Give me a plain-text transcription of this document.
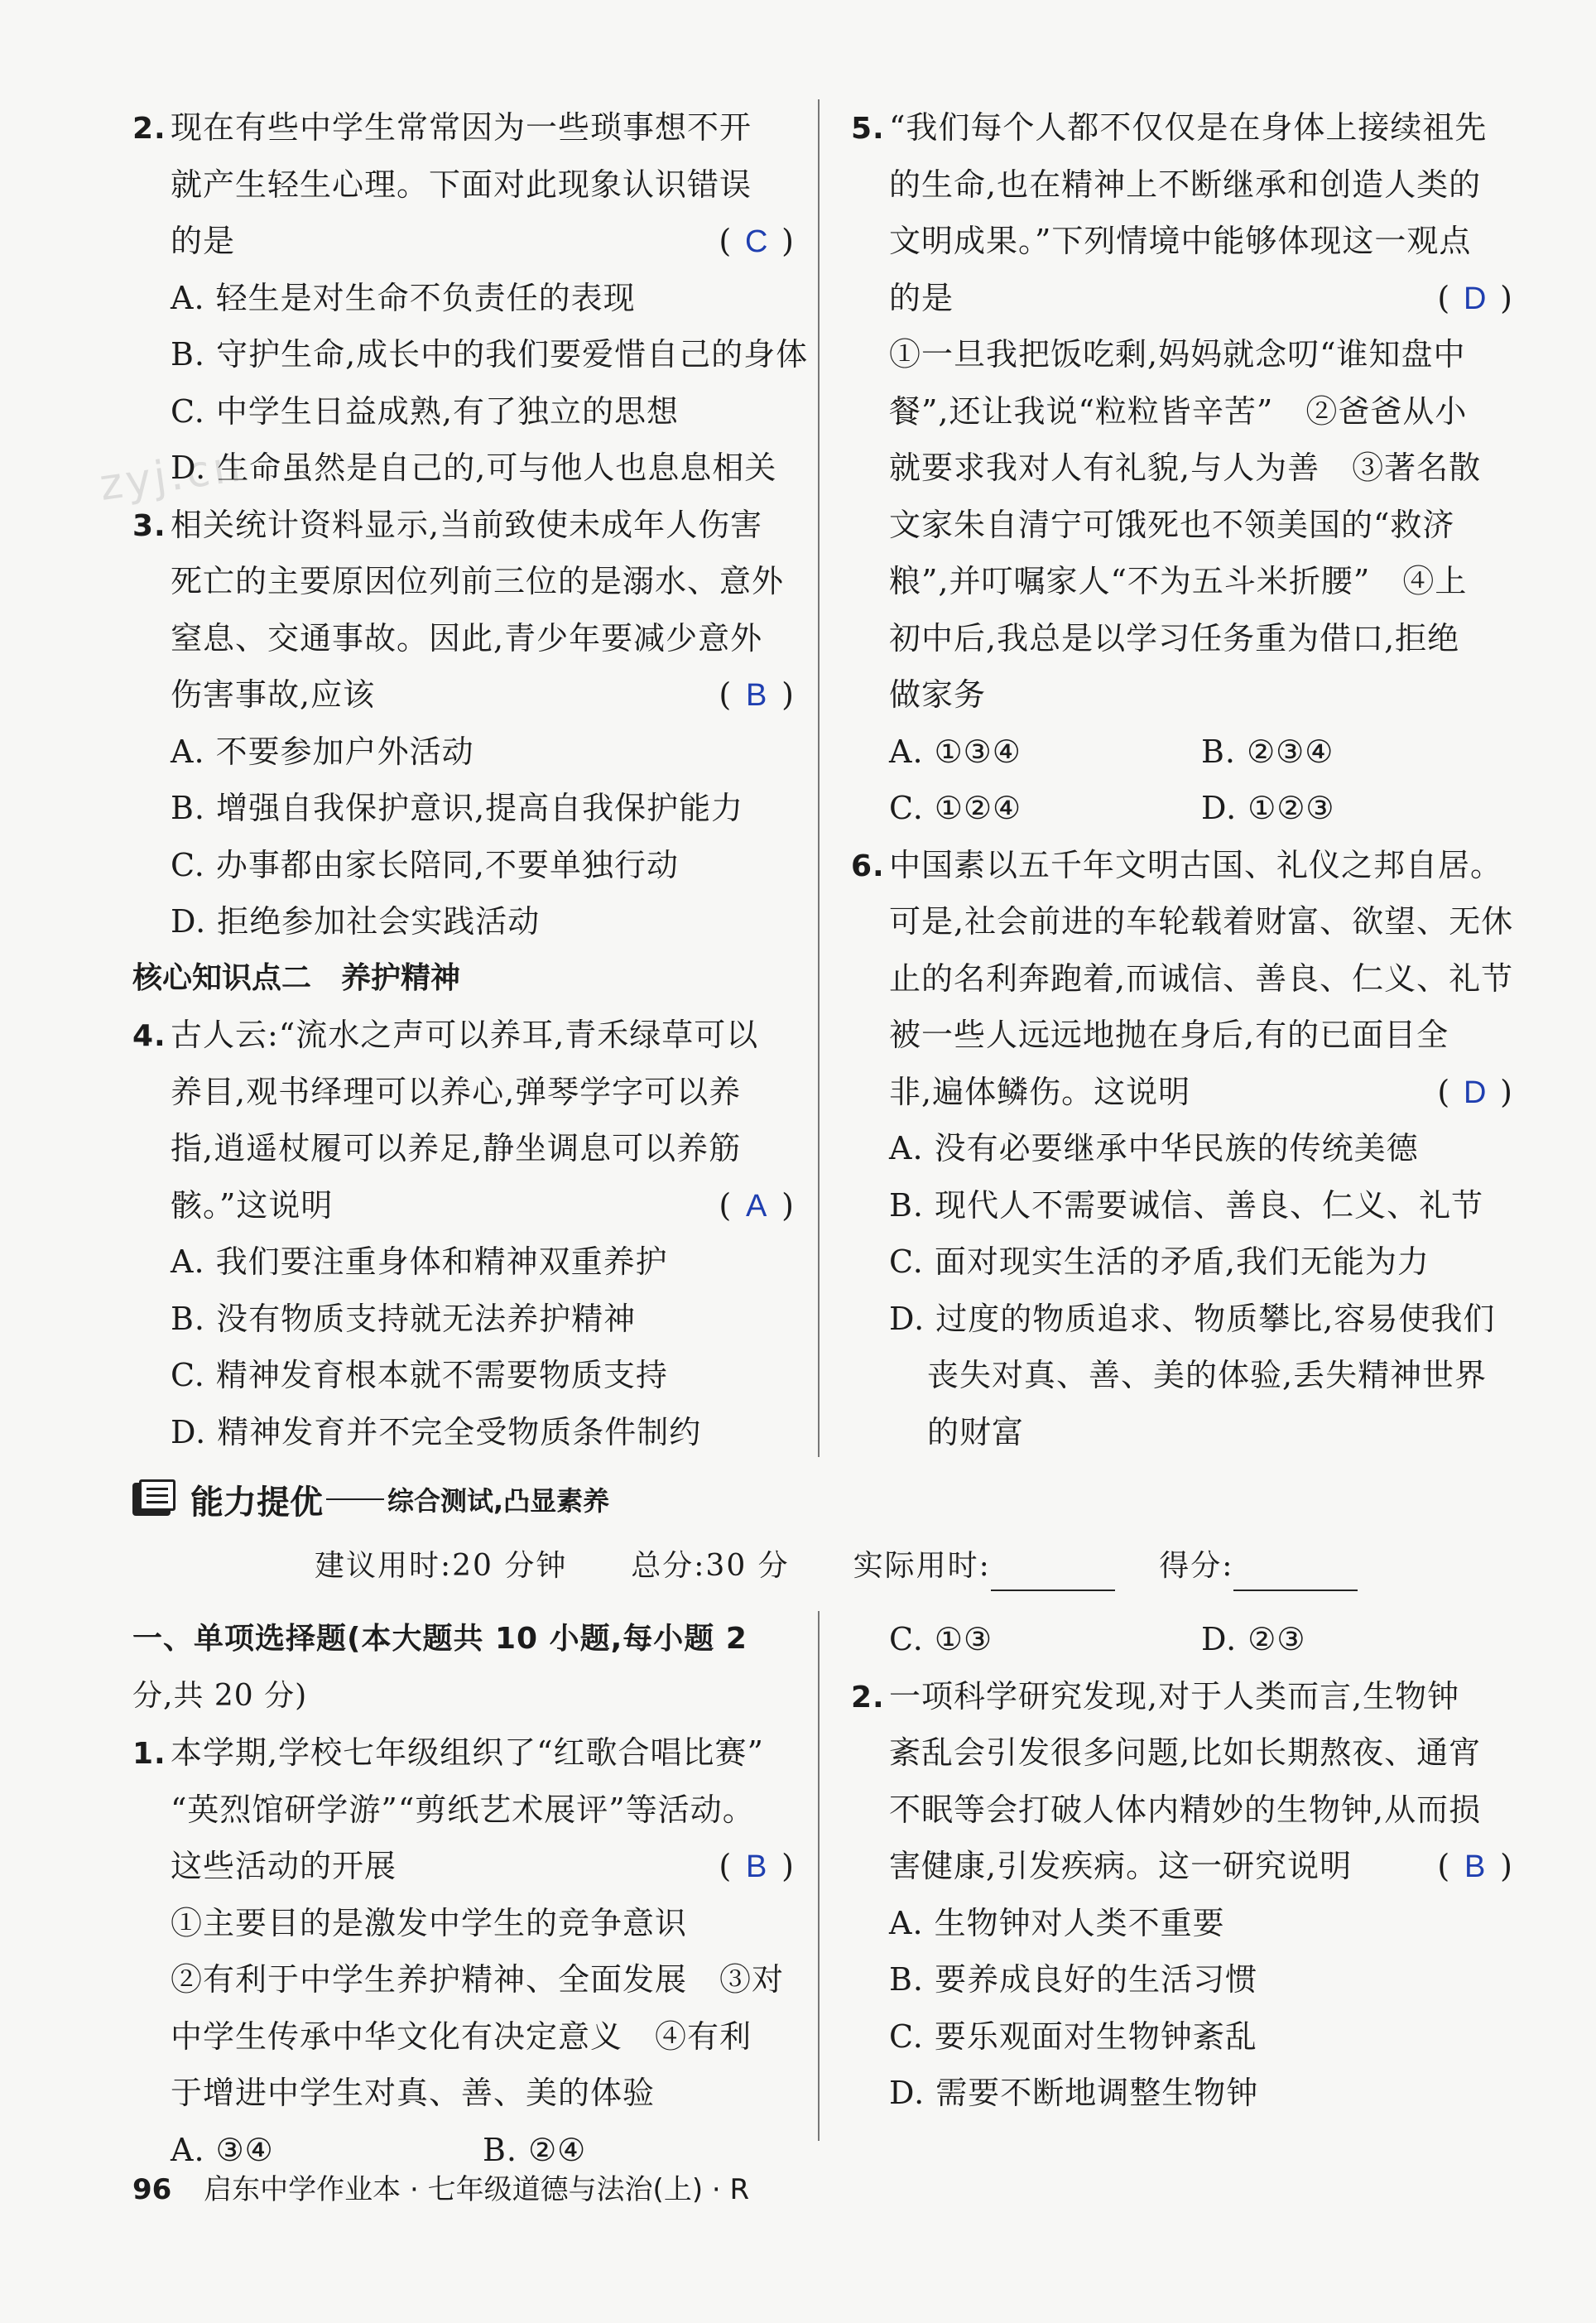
zyj.cn
2. 现在有些中学生常常因为一些琐事想不开
就产生轻生心理。下面对此现象认识错误
的是	( C )
A. 轻生是对生命不负责任的表现
B. 守护生命,成长中的我们要爱惜自己的身体
C. 中学生日益成熟,有了独立的思想
D. 生命虽然是自己的,可与他人也息息相关
3. 相关统计资料显示,当前致使未成年人伤害
死亡的主要原因位列前三位的是溺水、意外
窒息、交通事故。因此,青少年要减少意外
伤害事故,应该	( B )
A. 不要参加户外活动
B. 增强自我保护意识,提高自我保护能力
C. 办事都由家长陪同,不要单独行动
D. 拒绝参加社会实践活动
核心知识点二　养护精神
4. 古人云:“流水之声可以养耳,青禾绿草可以
养目,观书绎理可以养心,弹琴学字可以养
指,逍遥杖履可以养足,静坐调息可以养筋
骸。”这说明	( A )
A. 我们要注重身体和精神双重养护
B. 没有物质支持就无法养护精神
C. 精神发育根本就不需要物质支持
D. 精神发育并不完全受物质条件制约
5. “我们每个人都不仅仅是在身体上接续祖先
的生命,也在精神上不断继承和创造人类的
文明成果。”下列情境中能够体现这一观点
的是	( D )
①一旦我把饭吃剩,妈妈就念叨“谁知盘中
餐”,还让我说“粒粒皆辛苦”　②爸爸从小
就要求我对人有礼貌,与人为善　③著名散
文家朱自清宁可饿死也不领美国的“救济
粮”,并叮嘱家人“不为五斗米折腰”　④上
初中后,我总是以学习任务重为借口,拒绝
做家务
A. ①③④	B. ②③④
C. ①②④	D. ①②③
6. 中国素以五千年文明古国、礼仪之邦自居。
可是,社会前进的车轮载着财富、欲望、无休
止的名利奔跑着,而诚信、善良、仁义、礼节
被一些人远远地抛在身后,有的已面目全
非,遍体鳞伤。这说明	( D )
A. 没有必要继承中华民族的传统美德
B. 现代人不需要诚信、善良、仁义、礼节
C. 面对现实生活的矛盾,我们无能为力
D. 过度的物质追求、物质攀比,容易使我们
丧失对真、善、美的体验,丢失精神世界
的财富
能力提优 综合测试,凸显素养
建议用时:20 分钟 总分:30 分 实际用时:	得分:
一、单项选择题(本大题共 10 小题,每小题 2
分,共 20 分)
1. 本学期,学校七年级组织了“红歌合唱比赛”
“英烈馆研学游”“剪纸艺术展评”等活动。
这些活动的开展	( B )
①主要目的是激发中学生的竞争意识
②有利于中学生养护精神、全面发展　③对
中学生传承中华文化有决定意义　④有利
于增进中学生对真、善、美的体验
A. ③④	B. ②④
C. ①③	D. ②③
2. 一项科学研究发现,对于人类而言,生物钟
紊乱会引发很多问题,比如长期熬夜、通宵
不眠等会打破人体内精妙的生物钟,从而损
害健康,引发疾病。这一研究说明	( B )
A. 生物钟对人类不重要
B. 要养成良好的生活习惯
C. 要乐观面对生物钟紊乱
D. 需要不断地调整生物钟
96 启东中学作业本 · 七年级道德与法治(上) · R
